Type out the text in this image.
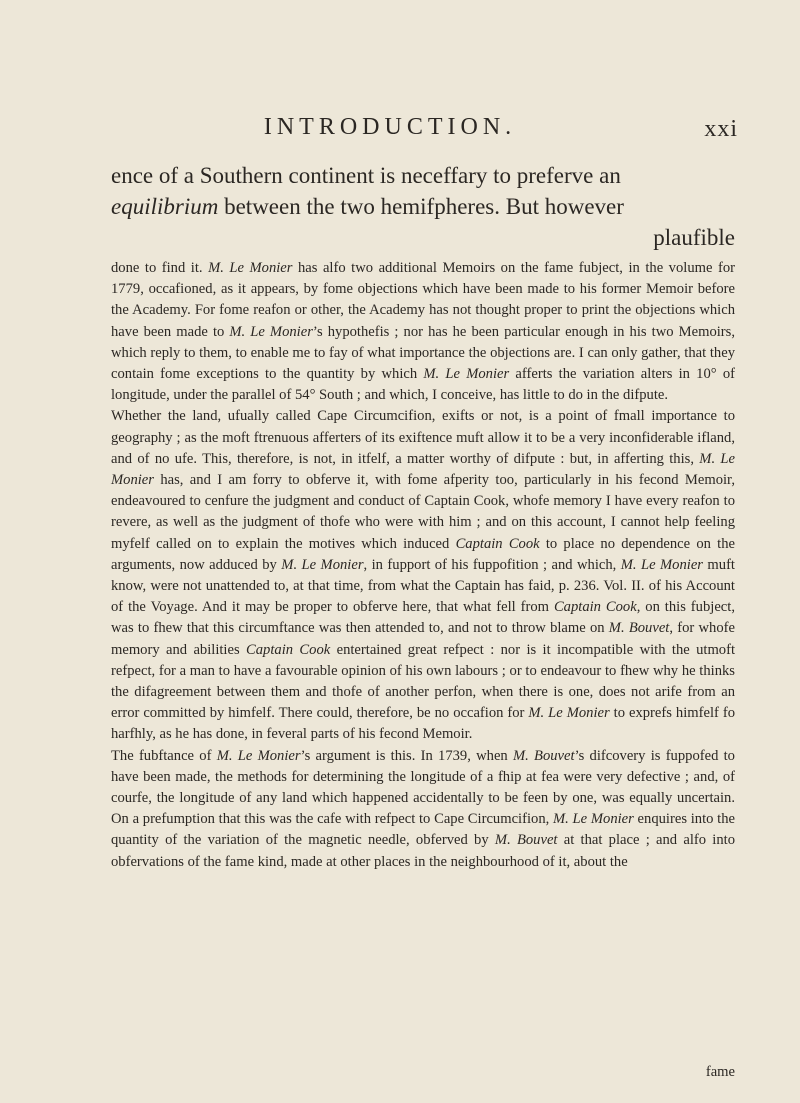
INTRODUCTION.	xxi

ence of a Southern continent is neceffary to preferve an

equilibrium between the two hemifpheres. But however

plaufible

done to find it. M. Le Monier has alfo two additional Memoirs on the fame fubject, in the volume for 1779, occafioned, as it appears, by fome objections which have been made to his former Memoir before the Academy. For fome reafon or other, the Academy has not thought proper to print the objections which have been made to M. Le Monier’s hypothefis ; nor has he been particular enough in his two Memoirs, which reply to them, to enable me to fay of what importance the objections are. I can only gather, that they contain fome exceptions to the quantity by which M. Le Monier afferts the variation alters in 10° of longitude, under the parallel of 54° South ; and which, I conceive, has little to do in the difpute.

Whether the land, ufually called Cape Circumcifion, exifts or not, is a point of fmall importance to geography ; as the moft ftrenuous afferters of its exiftence muft allow it to be a very inconfiderable ifland, and of no ufe. This, therefore, is not, in itfelf, a matter worthy of difpute : but, in afferting this, M. Le Monier has, and I am forry to obferve it, with fome afperity too, particularly in his fecond Memoir, endeavoured to cenfure the judgment and conduct of Captain Cook, whofe memory I have every reafon to revere, as well as the judgment of thofe who were with him ; and on this account, I cannot help feeling myfelf called on to explain the motives which induced Captain Cook to place no dependence on the arguments, now adduced by M. Le Monier, in fupport of his fuppofition ; and which, M. Le Monier muft know, were not unattended to, at that time, from what the Captain has faid, p. 236. Vol. II. of his Account of the Voyage. And it may be proper to obferve here, that what fell from Captain Cook, on this fubject, was to fhew that this circumftance was then attended to, and not to throw blame on M. Bouvet, for whofe memory and abilities Captain Cook entertained great refpect : nor is it incompatible with the utmoft refpect, for a man to have a favourable opinion of his own labours ; or to endeavour to fhew why he thinks the difagreement between them and thofe of another perfon, when there is one, does not arife from an error committed by himfelf. There could, therefore, be no occafion for M. Le Monier to exprefs himfelf fo harfhly, as he has done, in feveral parts of his fecond Memoir.

The fubftance of M. Le Monier’s argument is this. In 1739, when M. Bouvet’s difcovery is fuppofed to have been made, the methods for determining the longitude of a fhip at fea were very defective ; and, of courfe, the longitude of any land which happened accidentally to be feen by one, was equally uncertain. On a prefumption that this was the cafe with refpect to Cape Circumcifion, M. Le Monier enquires into the quantity of the variation of the magnetic needle, obferved by M. Bouvet at that place ; and alfo into obfervations of the fame kind, made at other places in the neighbourhood of it, about the

fame
